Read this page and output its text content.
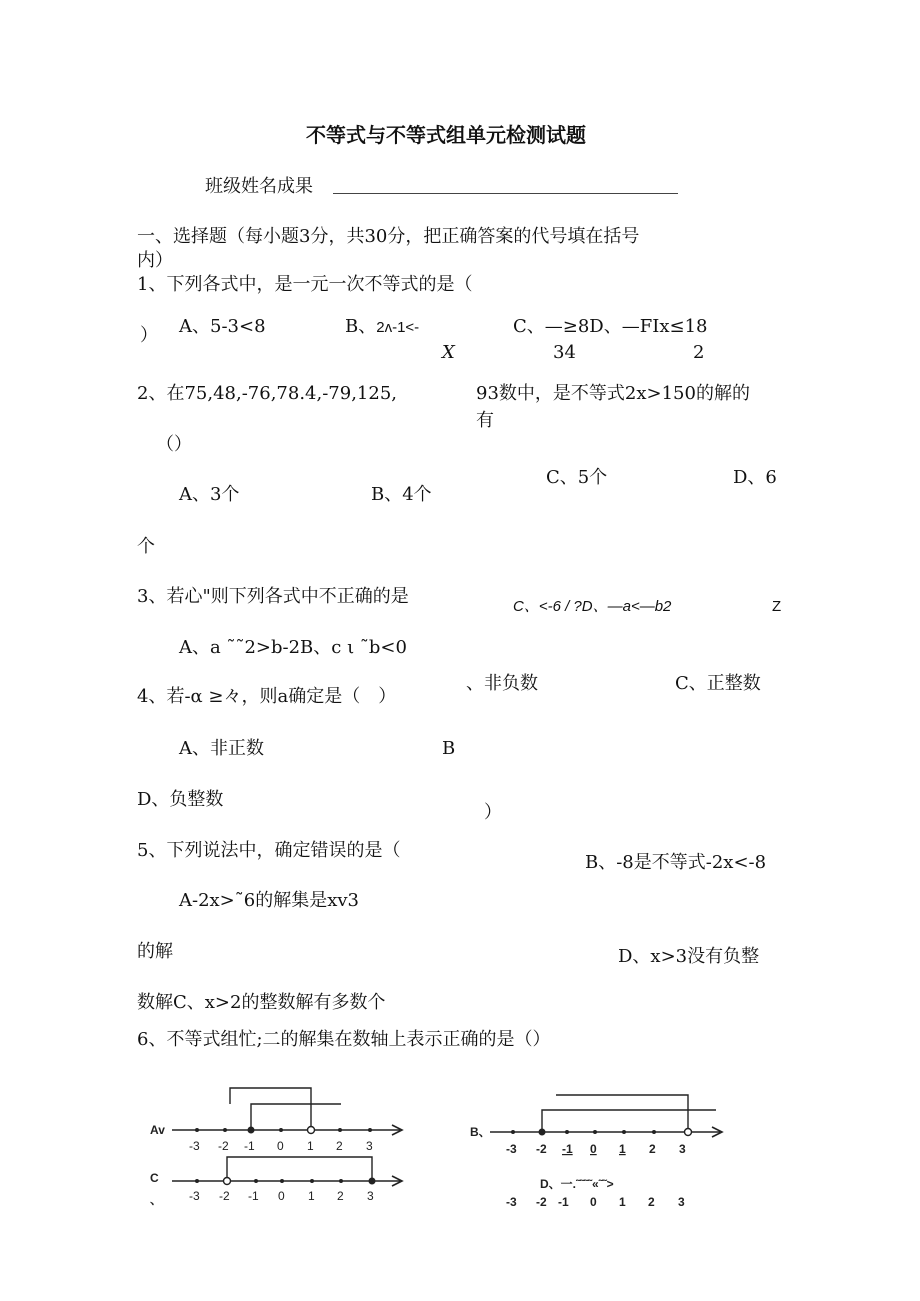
不等式与不等式组单元检测试题
班级姓名成果
一、选择题（每小题3分，共30分，把正确答案的代号填在括号
内）
1、下列各式中，是一元一次不等式的是（
） A、5-3<8	B、2ʌ-1<-
X
C、—≥8D、—FIx≤18
34	2
2、在75,48,-76,78.4,-79,125,	93数中，是不等式2x>150的解的
有
（）
C、5个	D、6
A、3个	B、4个
个
3、若心"则下列各式中不正确的是	C、<-6 / ?D、—a<—b2	Z
A、a ˜˜2>b-2B、c ι ˜b<0
、非负数	C、正整数
4、若-α ≥々，则a确定是（　）
A、非正数	B
D、负整数
）
5、下列说法中，确定错误的是（
B、-8是不等式-2x<-8
A-2x>˜6的解集是xv3
的解	D、x>3没有负整
数解C、x>2的整数解有多数个
6、不等式组忙;二的解集在数轴上表示正确的是（）
Av
-3 -2 -1 0 1 2 3
C
、 -3 -2 -1 0 1 2 3
B、
-3 -2 -1 0 1 2 3
D、一.˜˜˜˜«˜˜>
-3 -2 -1 0 1 2 3
